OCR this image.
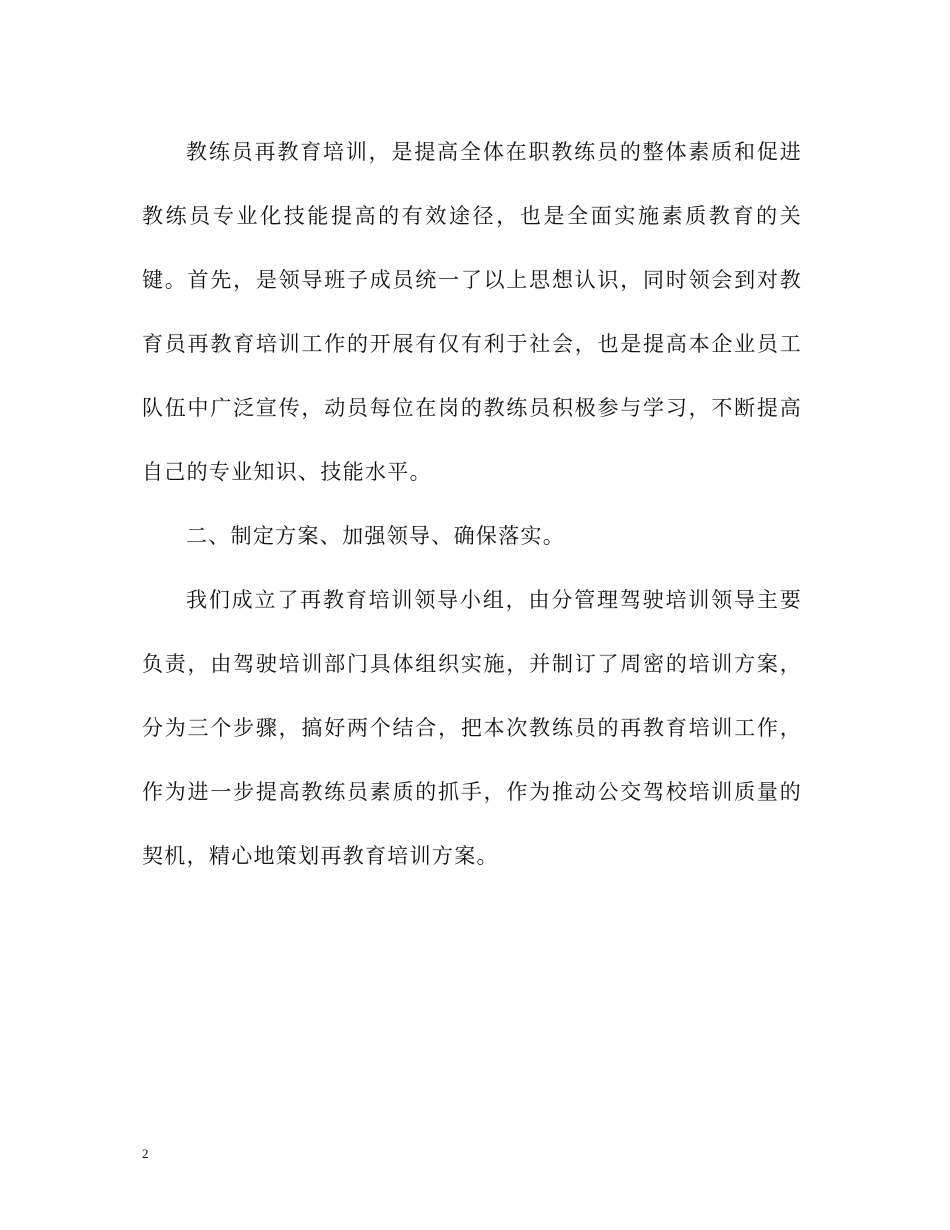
教练员再教育培训，是提高全体在职教练员的整体素质和促进教练员专业化技能提高的有效途径，也是全面实施素质教育的关键。首先，是领导班子成员统一了以上思想认识，同时领会到对教育员再教育培训工作的开展有仅有利于社会，也是提高本企业员工队伍中广泛宣传，动员每位在岗的教练员积极参与学习，不断提高自己的专业知识、技能水平。

二、制定方案、加强领导、确保落实。

我们成立了再教育培训领导小组，由分管理驾驶培训领导主要负责，由驾驶培训部门具体组织实施，并制订了周密的培训方案，分为三个步骤，搞好两个结合，把本次教练员的再教育培训工作，作为进一步提高教练员素质的抓手，作为推动公交驾校培训质量的契机，精心地策划再教育培训方案。

2
